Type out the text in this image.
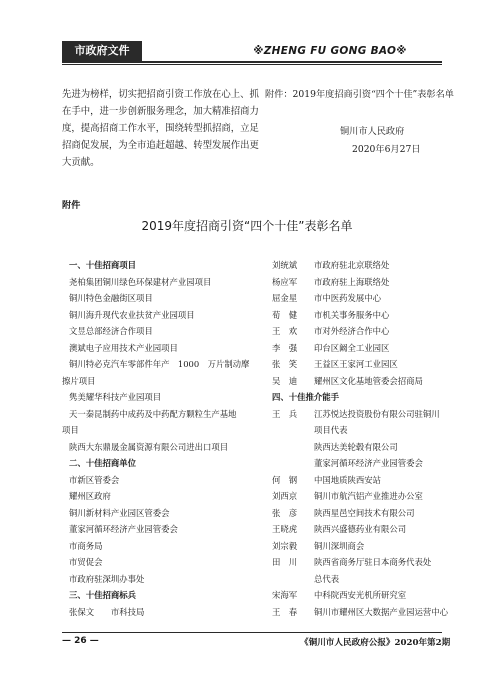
市政府文件	※ZHENG FU GONG BAO※
先进为榜样，切实把招商引资工作放在心上、抓
在手中，进一步创新服务理念，加大精准招商力
度，提高招商工作水平，围绕转型抓招商，立足
招商促发展，为全市追赶超越、转型发展作出更
大贡献。
附件：2019年度招商引资“四个十佳”表彰名单
铜川市人民政府
2020年6月27日
附件
2019年度招商引资“四个十佳”表彰名单
一、十佳招商项目
尧柏集团铜川绿色环保建材产业园项目
铜川特色金融街区项目
铜川海升现代农业扶贫产业园项目
文昱总部经济合作项目
澳斌电子应用技术产业园项目
铜川特必克汽车零部件年产　1000　万片制动摩
擦片项目
隽美耀华科技产业园项目
天一秦昆制药中成药及中药配方颗粒生产基地
项目
陕西大东鼎晟金属资源有限公司进出口项目
二、十佳招商单位
市新区管委会
耀州区政府
铜川新材料产业园区管委会
董家河循环经济产业园管委会
市商务局
市贸促会
市政府驻深圳办事处
三、十佳招商标兵
张保文　　市科技局
刘统斌 市政府驻北京联络处
杨应军 市政府驻上海联络处
屈金星 市中医药发展中心
荀　健 市机关事务服务中心
王　欢 市对外经济合作中心
李　强 印台区阚全工业园区
张　笑 王益区王家河工业园区
吴　迪 耀州区文化基地管委会招商局
四、十佳推介能手
王　兵 江苏悦达投资股份有限公司驻铜川
项目代表
陕西达美轮毂有限公司
董家河循环经济产业园管委会
何　钢 中国地质陕西安站
刘西京 铜川市航汽铝产业推进办公室
张　彦 陕西星邑空间技术有限公司
王晓虎 陕西兴盛德药业有限公司
刘宗毅 铜川深圳商会
田　川 陕西省商务厅驻日本商务代表处
总代表
宋海军 中科院西安光机所研究室
王　春 铜川市耀州区大数据产业园运营中心
— 26 —	《铜川市人民政府公报》2020年第2期
